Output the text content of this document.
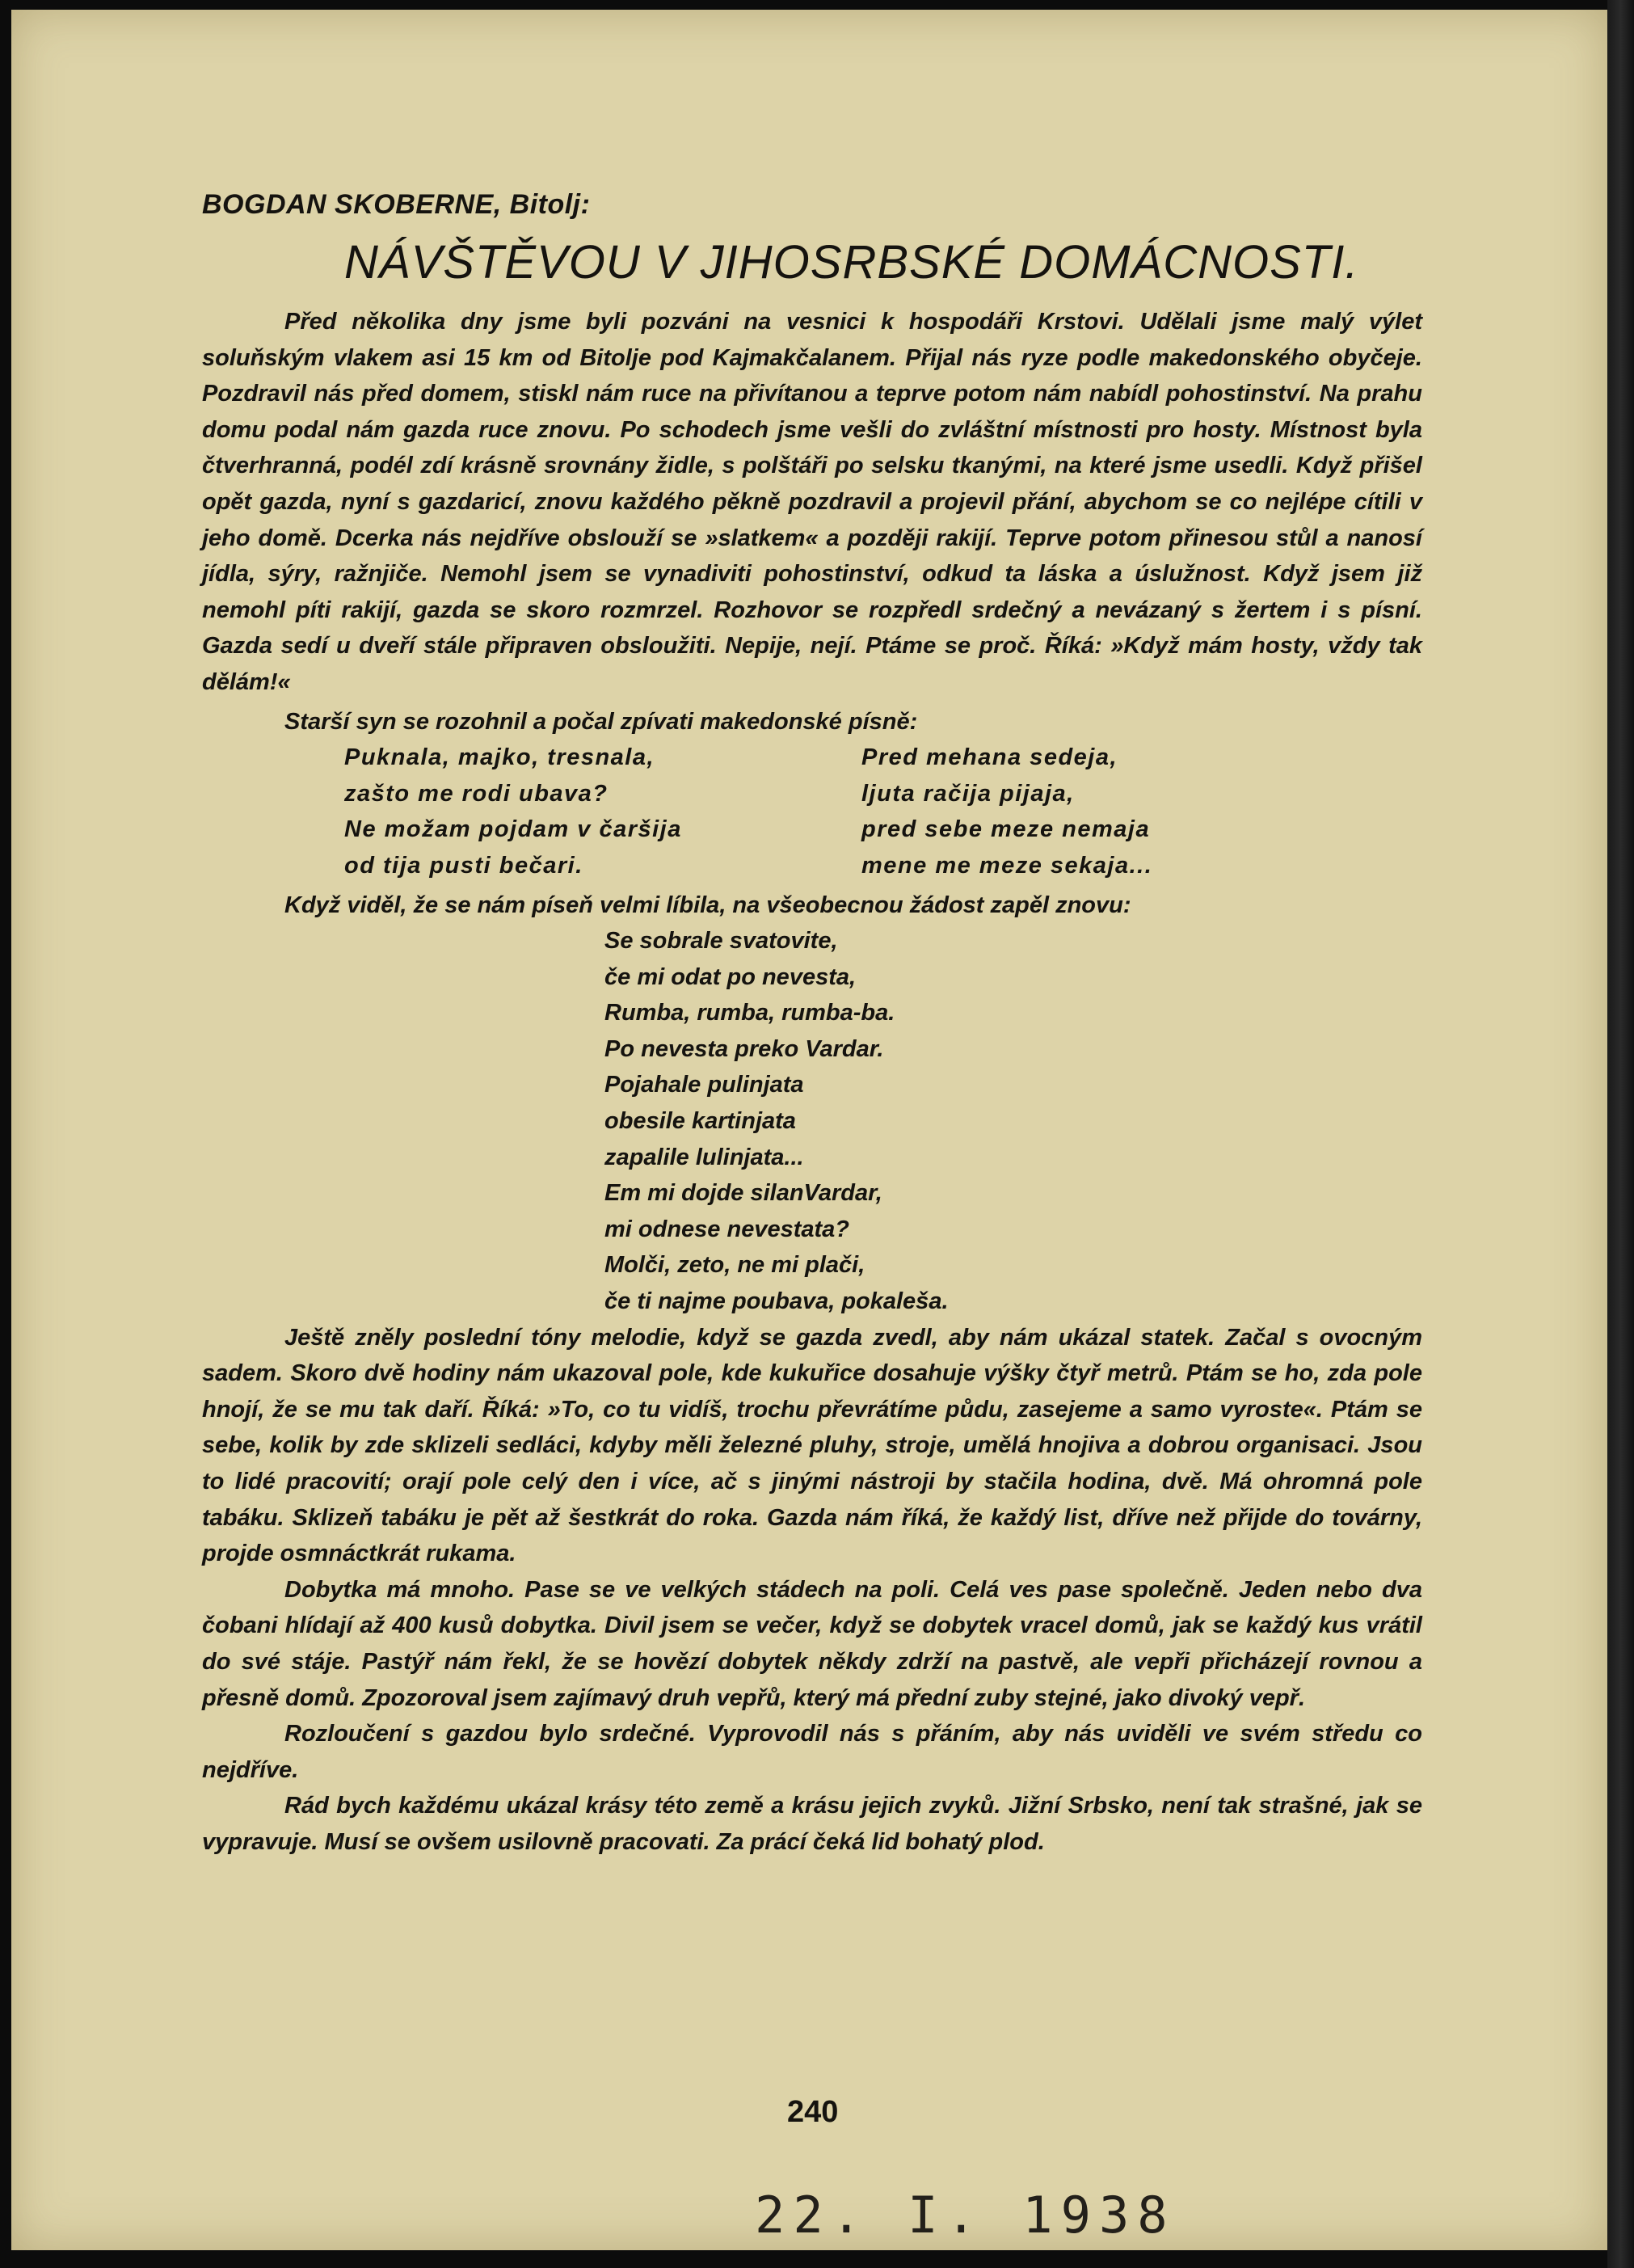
BOGDAN SKOBERNE, Bitolj:
NÁVŠTĚVOU V JIHOSRBSKÉ DOMÁCNOSTI.

Před několika dny jsme byli pozváni na vesnici k hospodáři Krstovi. Udělali jsme malý výlet soluňským vlakem asi 15 km od Bitolje pod Kajmakčalanem. Přijal nás ryze podle makedonského obyčeje. Pozdravil nás před domem, stiskl nám ruce na přivítanou a teprve potom nám nabídl pohostinství. Na prahu domu podal nám gazda ruce znovu. Po schodech jsme vešli do zvláštní místnosti pro hosty. Místnost byla čtverhranná, podél zdí krásně srovnány židle, s polštáři po selsku tkanými, na které jsme usedli. Když přišel opět gazda, nyní s gazdaricí, znovu každého pěkně pozdravil a projevil přání, abychom se co nejlépe cítili v jeho domě. Dcerka nás nejdříve obslouží se »slatkem« a později rakijí. Teprve potom přinesou stůl a nanosí jídla, sýry, ražnjiče. Nemohl jsem se vynadiviti pohostinství, odkud ta láska a úslužnost. Když jsem již nemohl píti rakijí, gazda se skoro rozmrzel. Rozhovor se rozpředl srdečný a nevázaný s žertem i s písní. Gazda sedí u dveří stále připraven obsloužiti. Nepije, nejí. Ptáme se proč. Říká: »Když mám hosty, vždy tak dělám!«

Starší syn se rozohnil a počal zpívati makedonské písně:

Puknala, majko, tresnala,
zašto me rodi ubava?
Ne možam pojdam v čaršija
od tija pusti bečari.
Pred mehana sedeja,
ljuta račija pijaja,
pred sebe meze nemaja
mene me meze sekaja...

Když viděl, že se nám píseň velmi líbila, na všeobecnou žádost zapěl znovu:

Se sobrale svatovite,
če mi odat po nevesta,
Rumba, rumba, rumba-ba.
Po nevesta preko Vardar.
Pojahale pulinjata
obesile kartinjata
zapalile lulinjata...
Em mi dojde silanVardar,
mi odnese nevestata?
Molči, zeto, ne mi plači,
če ti najme poubava, pokaleša.

Ještě zněly poslední tóny melodie, když se gazda zvedl, aby nám ukázal statek. Začal s ovocným sadem. Skoro dvě hodiny nám ukazoval pole, kde kukuřice dosahuje výšky čtyř metrů. Ptám se ho, zda pole hnojí, že se mu tak daří. Říká: »To, co tu vidíš, trochu převrátíme půdu, zasejeme a samo vyroste«. Ptám se sebe, kolik by zde sklizeli sedláci, kdyby měli železné pluhy, stroje, umělá hnojiva a dobrou organisaci. Jsou to lidé pracovití; orají pole celý den i více, ač s jinými nástroji by stačila hodina, dvě. Má ohromná pole tabáku. Sklizeň tabáku je pět až šestkrát do roka. Gazda nám říká, že každý list, dříve než přijde do továrny, projde osmnáctkrát rukama.

Dobytka má mnoho. Pase se ve velkých stádech na poli. Celá ves pase společně. Jeden nebo dva čobani hlídají až 400 kusů dobytka. Divil jsem se večer, když se dobytek vracel domů, jak se každý kus vrátil do své stáje. Pastýř nám řekl, že se hovězí dobytek někdy zdrží na pastvě, ale vepři přicházejí rovnou a přesně domů. Zpozoroval jsem zajímavý druh vepřů, který má přední zuby stejné, jako divoký vepř.

Rozloučení s gazdou bylo srdečné. Vyprovodil nás s přáním, aby nás uviděli ve svém středu co nejdříve.

Rád bych každému ukázal krásy této země a krásu jejich zvyků. Jižní Srbsko, není tak strašné, jak se vypravuje. Musí se ovšem usilovně pracovati. Za prácí čeká lid bohatý plod.

240
22. I. 1938
